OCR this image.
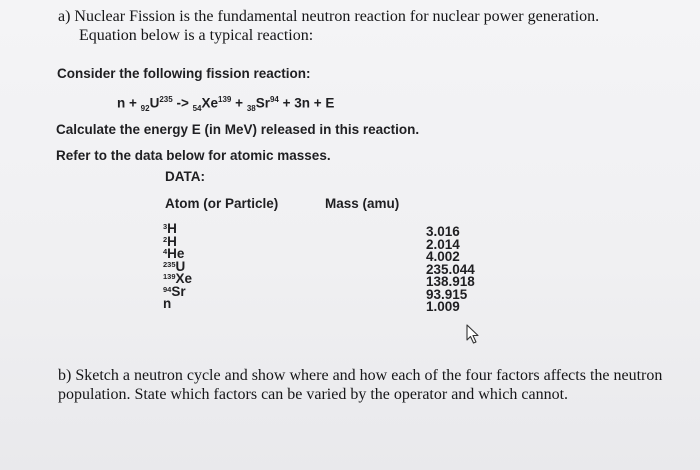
a) Nuclear Fission is the fundamental neutron reaction for nuclear power generation.
Equation below is a typical reaction:
Consider the following fission reaction:
$n + _{92}U^{235} -> _{54}Xe^{139} + _{38}Sr^{94} + 3n + E$
Calculate the energy E (in MeV) released in this reaction.
Refer to the data below for atomic masses.
DATA:
Atom (or Particle)	Mass (amu)
$^3$H
$^2$H
$^4$He
$^{235}$U
$^{139}$Xe
$^{94}$Sr
n
3.016
2.014
4.002
235.044
138.918
93.915
1.009
b) Sketch a neutron cycle and show where and how each of the four factors affects the neutron
population. State which factors can be varied by the operator and which cannot.
